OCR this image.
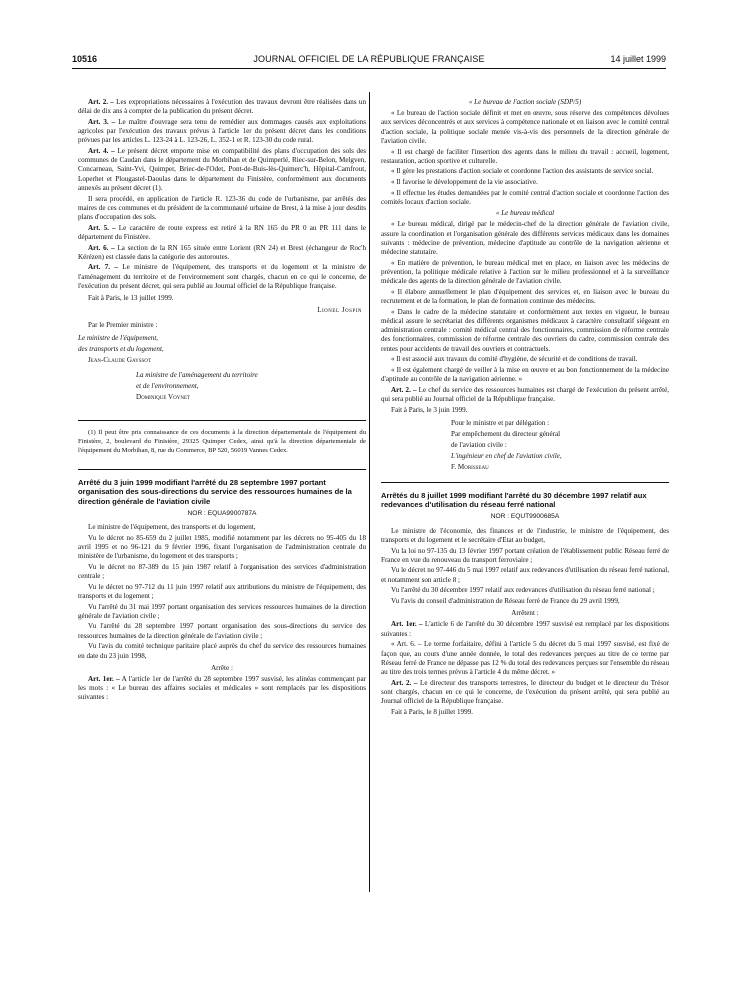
10516	JOURNAL OFFICIEL DE LA RÉPUBLIQUE FRANÇAISE	14 juillet 1999

Art. 2. – Les expropriations nécessaires à l'exécution des travaux devront être réalisées dans un délai de dix ans à compter de la publication du présent décret.

Art. 3. – Le maître d'ouvrage sera tenu de remédier aux dommages causés aux exploitations agricoles par l'exécution des travaux prévus à l'article 1er du présent décret dans les conditions prévues par les articles L. 123-24 à L. 123-26, L. 352-1 et R. 123-30 du code rural.

Art. 4. – Le présent décret emporte mise en compatibilité des plans d'occupation des sols des communes de Caudan dans le département du Morbihan et de Quimperlé, Riec-sur-Belon, Melgven, Concarneau, Saint-Yvi, Quimper, Briec-de-l'Odet, Pont-de-Buis-lès-Quimerc'h, Hôpital-Camfrout, Loperhet et Plougastel-Daoulas dans le département du Finistère, conformément aux documents annexés au présent décret (1).

Il sera procédé, en application de l'article R. 123-36 du code de l'urbanisme, par arrêtés des maires de ces communes et du président de la communauté urbaine de Brest, à la mise à jour desdits plans d'occupation des sols.

Art. 5. – Le caractère de route express est retiré à la RN 165 du PR 0 au PR 111 dans le département du Finistère.

Art. 6. – La section de la RN 165 située entre Lorient (RN 24) et Brest (échangeur de Roc'h Kérézen) est classée dans la catégorie des autoroutes.

Art. 7. – Le ministre de l'équipement, des transports et du logement et la ministre de l'aménagement du territoire et de l'environnement sont chargés, chacun en ce qui le concerne, de l'exécution du présent décret, qui sera publié au Journal officiel de la République française.

Fait à Paris, le 13 juillet 1999.

Lionel Jospin

Par le Premier ministre :

Le ministre de l'équipement,

des transports et du logement,

Jean-Claude Gayssot

La ministre de l'aménagement du territoire

et de l'environnement,

Dominique Voynet

(1) Il peut être pris connaissance de ces documents à la direction départementale de l'équipement du Finistère, 2, boulevard du Finistère, 29325 Quimper Cedex, ainsi qu'à la direction départementale de l'équipement du Morbihan, 8, rue du Commerce, BP 520, 56019 Vannes Cedex.

Arrêté du 3 juin 1999 modifiant l'arrêté du 28 septembre 1997 portant organisation des sous-directions du service des ressources humaines de la direction générale de l'aviation civile
NOR : EQUA9900787A

Le ministre de l'équipement, des transports et du logement,

Vu le décret no 85-659 du 2 juillet 1985, modifié notamment par les décrets no 95-405 du 18 avril 1995 et no 96-121 du 9 février 1996, fixant l'organisation de l'administration centrale du ministère de l'urbanisme, du logement et des transports ;

Vu le décret no 87-389 du 15 juin 1987 relatif à l'organisation des services d'administration centrale ;

Vu le décret no 97-712 du 11 juin 1997 relatif aux attributions du ministre de l'équipement, des transports et du logement ;

Vu l'arrêté du 31 mai 1997 portant organisation des services ressources humaines de la direction générale de l'aviation civile ;

Vu l'arrêté du 28 septembre 1997 portant organisation des sous-directions du service des ressources humaines de la direction générale de l'aviation civile ;

Vu l'avis du comité technique paritaire placé auprès du chef du service des ressources humaines en date du 23 juin 1998,

Arrête :

Art. 1er. – A l'article 1er de l'arrêté du 28 septembre 1997 susvisé, les alinéas commençant par les mots : « Le bureau des affaires sociales et médicales » sont remplacés par les dispositions suivantes :

« Le bureau de l'action sociale (SDP/5)

« Le bureau de l'action sociale définit et met en œuvre, sous réserve des compétences dévolues aux services déconcentrés et aux services à compétence nationale et en liaison avec le comité central d'action sociale, la politique sociale menée vis-à-vis des personnels de la direction générale de l'aviation civile.

« Il est chargé de faciliter l'insertion des agents dans le milieu du travail : accueil, logement, restauration, action sportive et culturelle.

« Il gère les prestations d'action sociale et coordonne l'action des assistants de service social.

« Il favorise le développement de la vie associative.

« Il effectue les études demandées par le comité central d'action sociale et coordonne l'action des comités locaux d'action sociale.

« Le bureau médical

« Le bureau médical, dirigé par le médecin-chef de la direction générale de l'aviation civile, assure la coordination et l'organisation générale des différents services médicaux dans les domaines suivants : médecine de prévention, médecine d'aptitude au contrôle de la navigation aérienne et médecine statutaire.

« En matière de prévention, le bureau médical met en place, en liaison avec les médecins de prévention, la politique médicale relative à l'action sur le milieu professionnel et à la surveillance médicale des agents de la direction générale de l'aviation civile.

« Il élabore annuellement le plan d'équipement des services et, en liaison avec le bureau du recrutement et de la formation, le plan de formation continue des médecins.

« Dans le cadre de la médecine statutaire et conformément aux textes en vigueur, le bureau médical assure le secrétariat des différents organismes médicaux à caractère consultatif siégeant en administration centrale : comité médical central des fonctionnaires, commission de réforme centrale des fonctionnaires, commission de réforme centrale des ouvriers du cadre, commission centrale des rentes pour accidents de travail des ouvriers et contractuels.

« Il est associé aux travaux du comité d'hygiène, de sécurité et de conditions de travail.

« Il est également chargé de veiller à la mise en œuvre et au bon fonctionnement de la médecine d'aptitude au contrôle de la navigation aérienne. »

Art. 2. – Le chef du service des ressources humaines est chargé de l'exécution du présent arrêté, qui sera publié au Journal officiel de la République française.

Fait à Paris, le 3 juin 1999.

Pour le ministre et par délégation :

Par empêchement du directeur général

de l'aviation civile :

L'ingénieur en chef de l'aviation civile,

F. Morisseau

Arrêtés du 8 juillet 1999 modifiant l'arrêté du 30 décembre 1997 relatif aux redevances d'utilisation du réseau ferré national
NOR : EQUT9900685A

Le ministre de l'économie, des finances et de l'industrie, le ministre de l'équipement, des transports et du logement et le secrétaire d'Etat au budget,

Vu la loi no 97-135 du 13 février 1997 portant création de l'établissement public Réseau ferré de France en vue du renouveau du transport ferroviaire ;

Vu le décret no 97-446 du 5 mai 1997 relatif aux redevances d'utilisation du réseau ferré national, et notamment son article 8 ;

Vu l'arrêté du 30 décembre 1997 relatif aux redevances d'utilisation du réseau ferré national ;

Vu l'avis du conseil d'administration de Réseau ferré de France du 29 avril 1999,

Arrêtent :

Art. 1er. – L'article 6 de l'arrêté du 30 décembre 1997 susvisé est remplacé par les dispositions suivantes :

« Art. 6. – Le terme forfaitaire, défini à l'article 5 du décret du 5 mai 1997 susvisé, est fixé de façon que, au cours d'une année donnée, le total des redevances perçues au titre de ce terme par Réseau ferré de France ne dépasse pas 12 % du total des redevances perçues sur l'ensemble du réseau au titre des trois termes prévus à l'article 4 du même décret. »

Art. 2. – Le directeur des transports terrestres, le directeur du budget et le directeur du Trésor sont chargés, chacun en ce qui le concerne, de l'exécution du présent arrêté, qui sera publié au Journal officiel de la République française.

Fait à Paris, le 8 juillet 1999.
